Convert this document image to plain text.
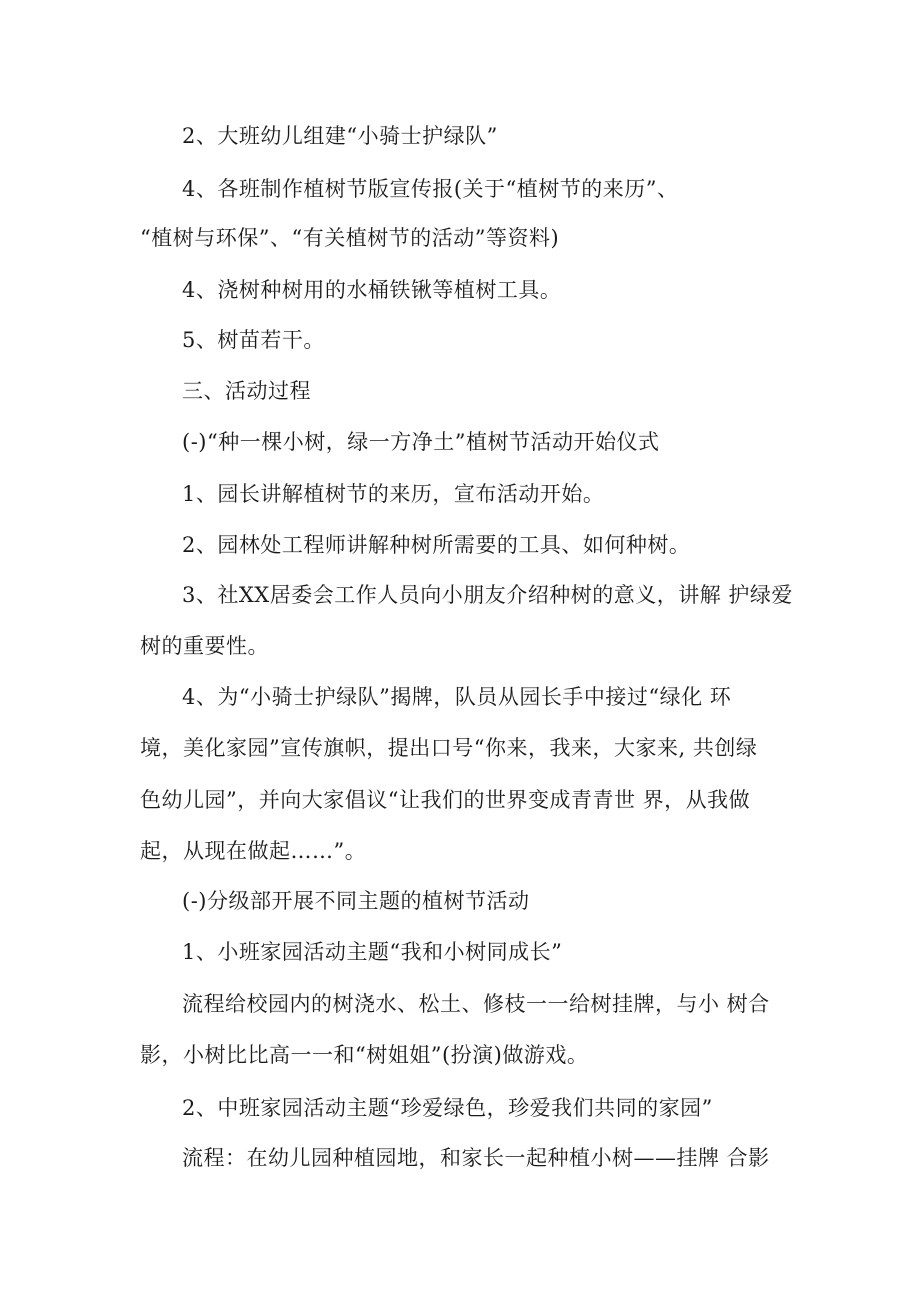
2、大班幼儿组建“小骑士护绿队”
4、各班制作植树节版宣传报(关于“植树节的来历”、
“植树与环保”、“有关植树节的活动”等资料)
4、浇树种树用的水桶铁锹等植树工具。
5、树苗若干。
三、活动过程
(-)“种一棵小树，绿一方净土”植树节活动开始仪式
1、园长讲解植树节的来历，宣布活动开始。
2、园林处工程师讲解种树所需要的工具、如何种树。
3、社XX居委会工作人员向小朋友介绍种树的意义，讲解 护绿爱
树的重要性。
4、为“小骑士护绿队”揭牌，队员从园长手中接过“绿化 环
境，美化家园”宣传旗帜，提出口号“你来，我来，大家来, 共创绿
色幼儿园”，并向大家倡议“让我们的世界变成青青世 界，从我做
起，从现在做起……”。
(-)分级部开展不同主题的植树节活动
1、小班家园活动主题“我和小树同成长”
流程给校园内的树浇水、松土、修枝一一给树挂牌，与小 树合
影，小树比比高一一和“树姐姐”(扮演)做游戏。
2、中班家园活动主题“珍爱绿色，珍爱我们共同的家园”
流程：在幼儿园种植园地，和家长一起种植小树——挂牌 合影
